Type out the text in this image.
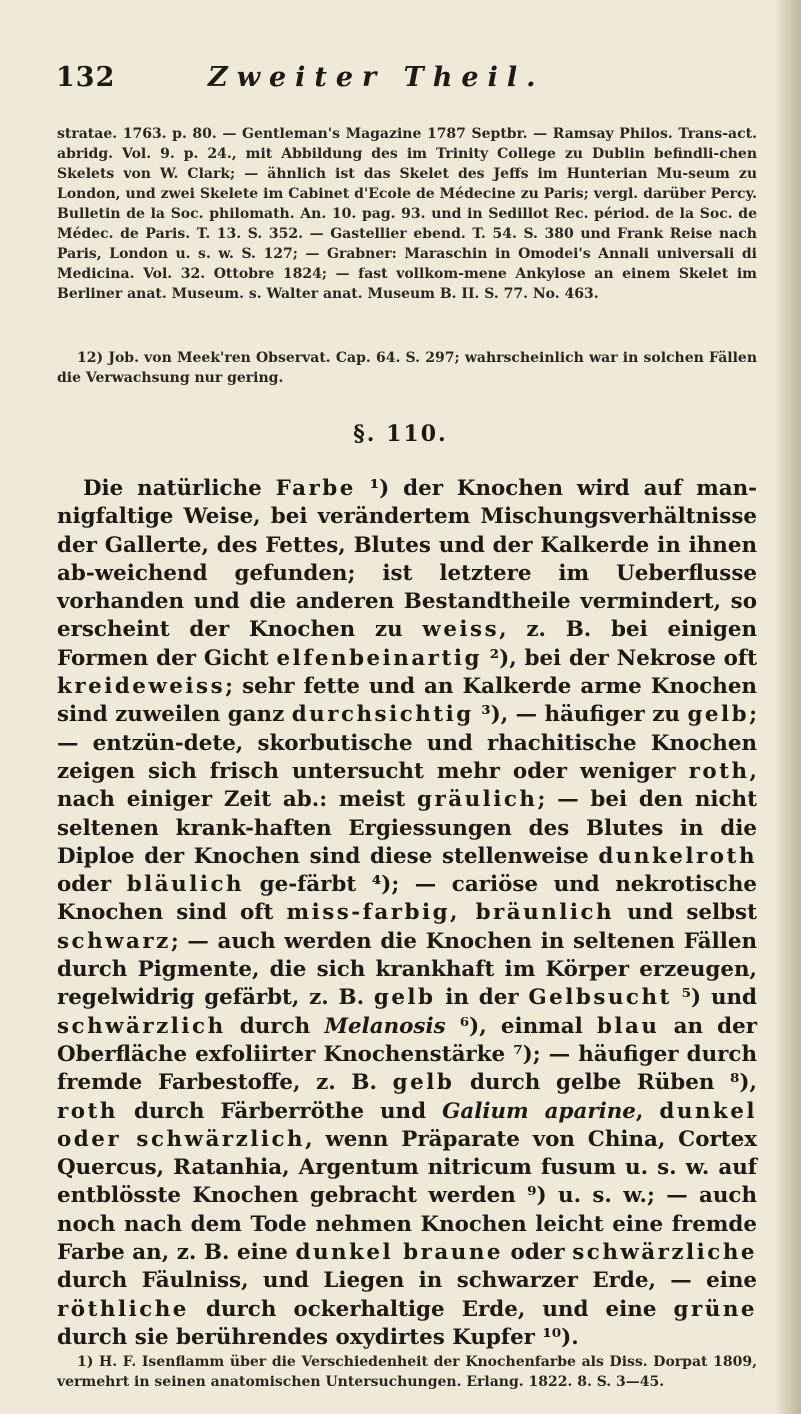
132	Zweiter Theil.

stratae. 1763. p. 80. — Gentleman's Magazine 1787 Septbr. — Ramsay Philos. Trans-act. abridg. Vol. 9. p. 24., mit Abbildung des im Trinity College zu Dublin befindli-chen Skelets von W. Clark; — ähnlich ist das Skelet des Jeffs im Hunterian Mu-seum zu London, und zwei Skelete im Cabinet d'Ecole de Médecine zu Paris; vergl. darüber Percy. Bulletin de la Soc. philomath. An. 10. pag. 93. und in Sedillot Rec. périod. de la Soc. de Médec. de Paris. T. 13. S. 352. — Gastellier ebend. T. 54. S. 380 und Frank Reise nach Paris, London u. s. w. S. 127; — Grabner: Maraschin in Omodei's Annali universali di Medicina. Vol. 32. Ottobre 1824; — fast vollkom-mene Ankylose an einem Skelet im Berliner anat. Museum. s. Walter anat. Museum B. II. S. 77. No. 463.

12) Job. von Meek'ren Observat. Cap. 64. S. 297; wahrscheinlich war in solchen Fällen die Verwachsung nur gering.

§. 110.

Die natürliche Farbe ¹) der Knochen wird auf man-nigfaltige Weise, bei verändertem Mischungsverhältnisse der Gallerte, des Fettes, Blutes und der Kalkerde in ihnen ab-weichend gefunden; ist letztere im Ueberflusse vorhanden und die anderen Bestandtheile vermindert, so erscheint der Knochen zu weiss, z. B. bei einigen Formen der Gicht elfenbeinartig ²), bei der Nekrose oft kreideweiss; sehr fette und an Kalkerde arme Knochen sind zuweilen ganz durchsichtig ³), — häufiger zu gelb; — entzün-dete, skorbutische und rhachitische Knochen zeigen sich frisch untersucht mehr oder weniger roth, nach einiger Zeit ab.: meist gräulich; — bei den nicht seltenen krank-haften Ergiessungen des Blutes in die Diploe der Knochen sind diese stellenweise dunkelroth oder bläulich ge-färbt ⁴); — cariöse und nekrotische Knochen sind oft miss-farbig, bräunlich und selbst schwarz; — auch werden die Knochen in seltenen Fällen durch Pigmente, die sich krankhaft im Körper erzeugen, regelwidrig gefärbt, z. B. gelb in der Gelbsucht ⁵) und schwärzlich durch Melanosis ⁶), einmal blau an der Oberfläche exfoliirter Knochenstärke ⁷); — häufiger durch fremde Farbestoffe, z. B. gelb durch gelbe Rüben ⁸), roth durch Färberröthe und Galium aparine, dunkel oder schwärzlich, wenn Präparate von China, Cortex Quercus, Ratanhia, Argentum nitricum fusum u. s. w. auf entblösste Knochen gebracht werden ⁹) u. s. w.; — auch noch nach dem Tode nehmen Knochen leicht eine fremde Farbe an, z. B. eine dunkel braune oder schwärzliche durch Fäulniss, und Liegen in schwarzer Erde, — eine röthliche durch ockerhaltige Erde, und eine grüne durch sie berührendes oxydirtes Kupfer ¹⁰).

1) H. F. Isenflamm über die Verschiedenheit der Knochenfarbe als Diss. Dorpat 1809, vermehrt in seinen anatomischen Untersuchungen. Erlang. 1822. 8. S. 3—45.
